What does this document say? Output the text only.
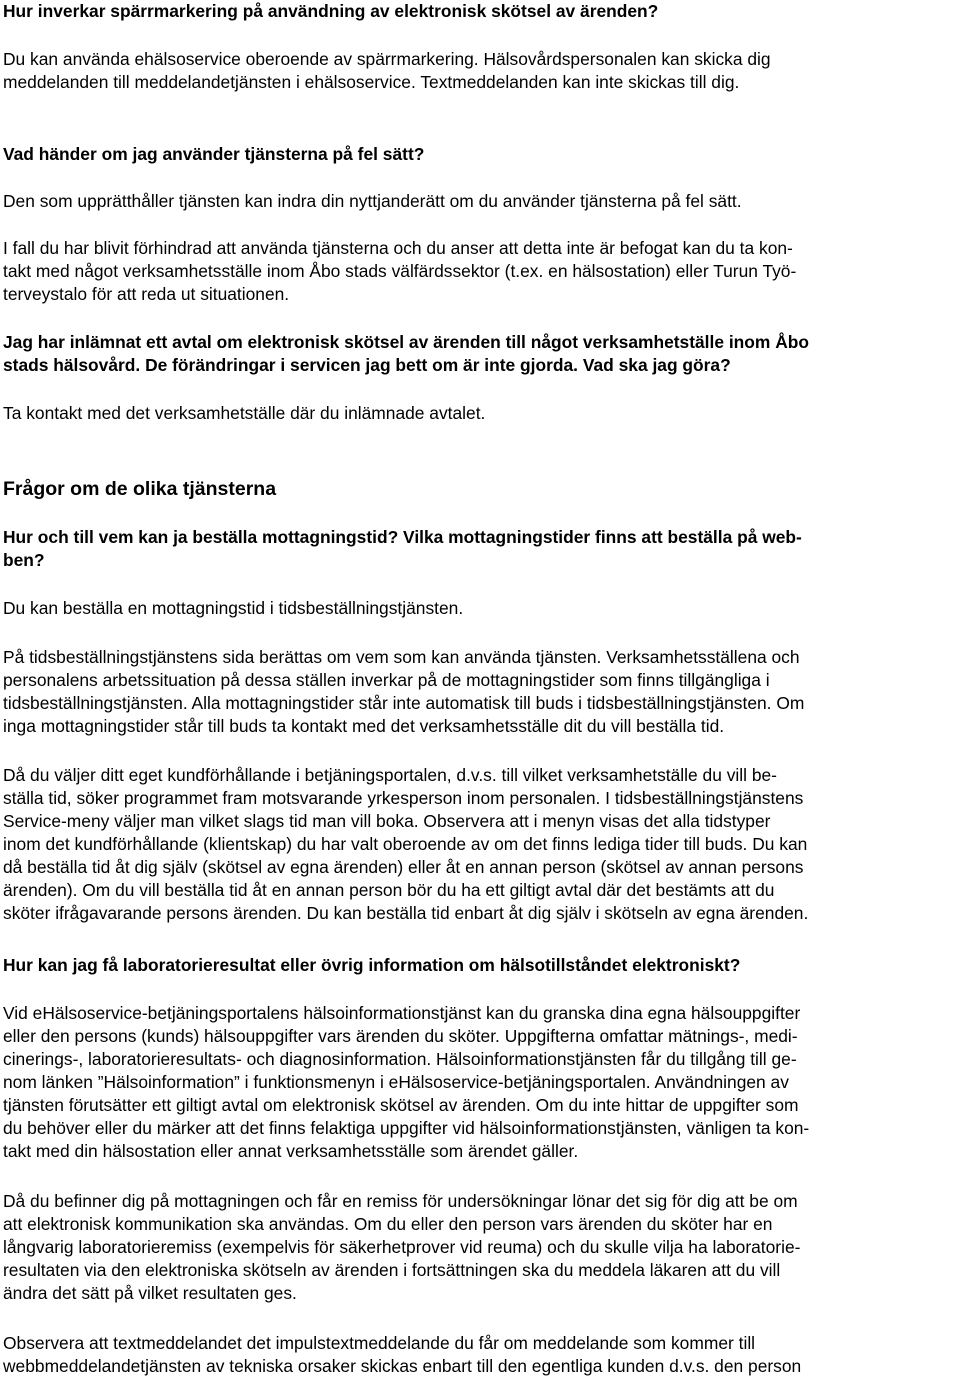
Hur inverkar spärrmarkering på användning av elektronisk skötsel av ärenden?

Du kan använda ehälsoservice oberoende av spärrmarkering. Hälsovårdspersonalen kan skicka dig

meddelanden till meddelandetjänsten i ehälsoservice. Textmeddelanden kan inte skickas till dig.

Vad händer om jag använder tjänsterna på fel sätt?

Den som upprätthåller tjänsten kan indra din nyttjanderätt om du använder tjänsterna på fel sätt.

I fall du har blivit förhindrad att använda tjänsterna och du anser att detta inte är befogat kan du ta kon-

takt med något verksamhetsställe inom Åbo stads välfärdssektor (t.ex. en hälsostation) eller Turun Työ-

terveystalo för att reda ut situationen.

Jag har inlämnat ett avtal om elektronisk skötsel av ärenden till något verksamhetställe inom Åbo

stads hälsovård. De förändringar i servicen jag bett om är inte gjorda. Vad ska jag göra?

Ta kontakt med det verksamhetställe där du inlämnade avtalet.

Frågor om de olika tjänsterna

Hur och till vem kan ja beställa mottagningstid? Vilka mottagningstider finns att beställa på web-

ben?

Du kan beställa en mottagningstid i tidsbeställningstjänsten.

På tidsbeställningstjänstens sida berättas om vem som kan använda tjänsten. Verksamhetsställena och

personalens arbetssituation på dessa ställen inverkar på de mottagningstider som finns tillgängliga i

tidsbeställningstjänsten. Alla mottagningstider står inte automatisk till buds i tidsbeställningstjänsten. Om

inga mottagningstider står till buds ta kontakt med det verksamhetsställe dit du vill beställa tid.

Då du väljer ditt eget kundförhållande i betjäningsportalen, d.v.s. till vilket verksamhetställe du vill be-

ställa tid, söker programmet fram motsvarande yrkesperson inom personalen. I tidsbeställningstjänstens

Service-meny väljer man vilket slags tid man vill boka. Observera att i menyn visas det alla tidstyper

inom det kundförhållande (klientskap) du har valt oberoende av om det finns lediga tider till buds. Du kan

då beställa tid åt dig själv (skötsel av egna ärenden) eller åt en annan person (skötsel av annan persons

ärenden). Om du vill beställa tid åt en annan person bör du ha ett giltigt avtal där det bestämts att du

sköter ifrågavarande persons ärenden. Du kan beställa tid enbart åt dig själv i skötseln av egna ärenden.

Hur kan jag få laboratorieresultat eller övrig information om hälsotillståndet elektroniskt?

Vid eHälsoservice-betjäningsportalens hälsoinformationstjänst kan du granska dina egna hälsouppgifter

eller den persons (kunds) hälsouppgifter vars ärenden du sköter. Uppgifterna omfattar mätnings-, medi-

cinerings-, laboratorieresultats- och diagnosinformation. Hälsoinformationstjänsten får du tillgång till ge-

nom länken ”Hälsoinformation” i funktionsmenyn i eHälsoservice-betjäningsportalen. Användningen av

tjänsten förutsätter ett giltigt avtal om elektronisk skötsel av ärenden. Om du inte hittar de uppgifter som

du behöver eller du märker att det finns felaktiga uppgifter vid hälsoinformationstjänsten, vänligen ta kon-

takt med din hälsostation eller annat verksamhetsställe som ärendet gäller.

Då du befinner dig på mottagningen och får en remiss för undersökningar lönar det sig för dig att be om

att elektronisk kommunikation ska användas. Om du eller den person vars ärenden du sköter har en

långvarig laboratorieremiss (exempelvis för säkerhetprover vid reuma) och du skulle vilja ha laboratorie-

resultaten via den elektroniska skötseln av ärenden i fortsättningen ska du meddela läkaren att du vill

ändra det sätt på vilket resultaten ges.

Observera att textmeddelandet det impulstextmeddelande du får om meddelande som kommer till

webbmeddelandetjänsten av tekniska orsaker skickas enbart till den egentliga kunden d.v.s. den person
